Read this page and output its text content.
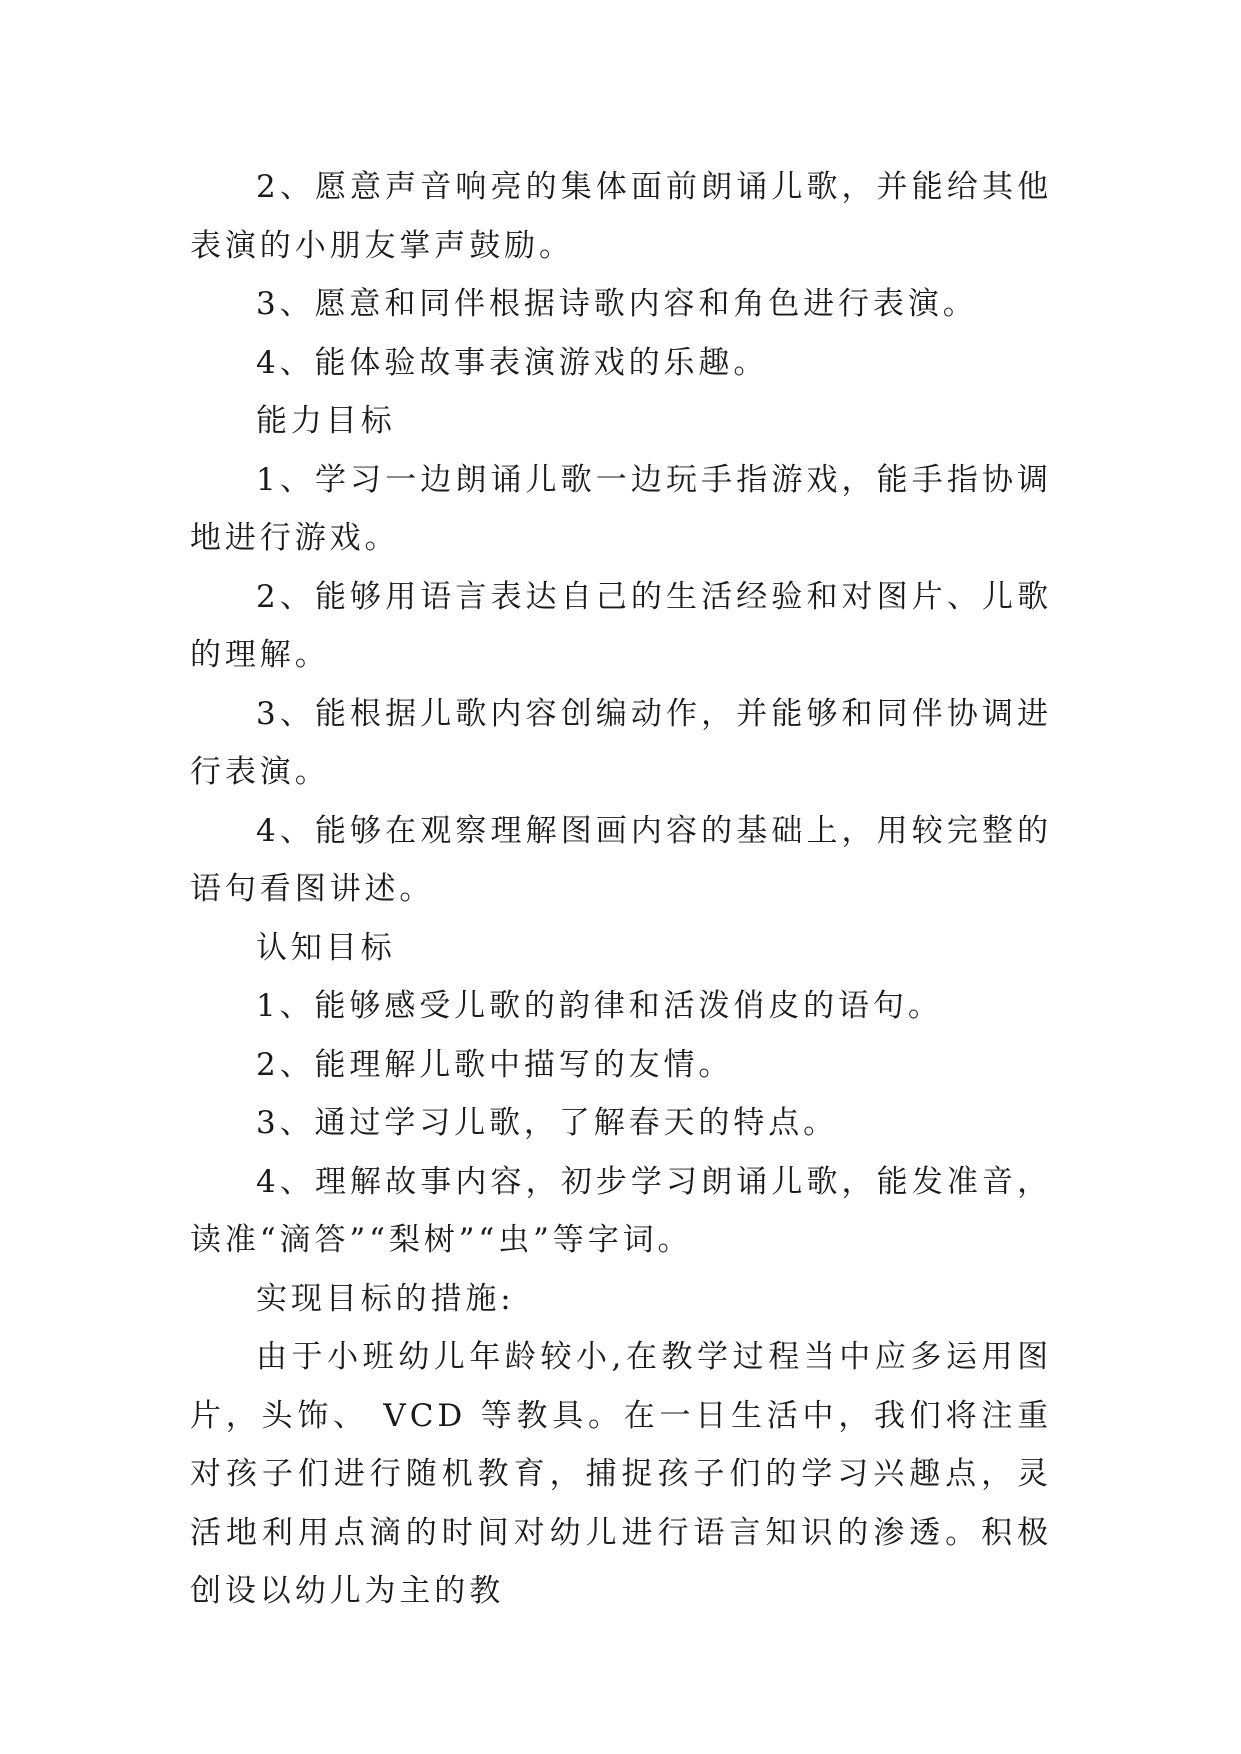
2、愿意声音响亮的集体面前朗诵儿歌，并能给其他表演的小朋友掌声鼓励。

3、愿意和同伴根据诗歌内容和角色进行表演。

4、能体验故事表演游戏的乐趣。

能力目标

1、学习一边朗诵儿歌一边玩手指游戏，能手指协调地进行游戏。

2、能够用语言表达自己的生活经验和对图片、儿歌的理解。

3、能根据儿歌内容创编动作，并能够和同伴协调进行表演。

4、能够在观察理解图画内容的基础上，用较完整的语句看图讲述。

认知目标

1、能够感受儿歌的韵律和活泼俏皮的语句。

2、能理解儿歌中描写的友情。

3、通过学习儿歌，了解春天的特点。

4、理解故事内容，初步学习朗诵儿歌，能发准音，读准“滴答”“梨树”“虫”等字词。

实现目标的措施:

由于小班幼儿年龄较小,在教学过程当中应多运用图片，头饰、 VCD 等教具。在一日生活中，我们将注重对孩子们进行随机教育，捕捉孩子们的学习兴趣点，灵活地利用点滴的时间对幼儿进行语言知识的渗透。积极创设以幼儿为主的教
